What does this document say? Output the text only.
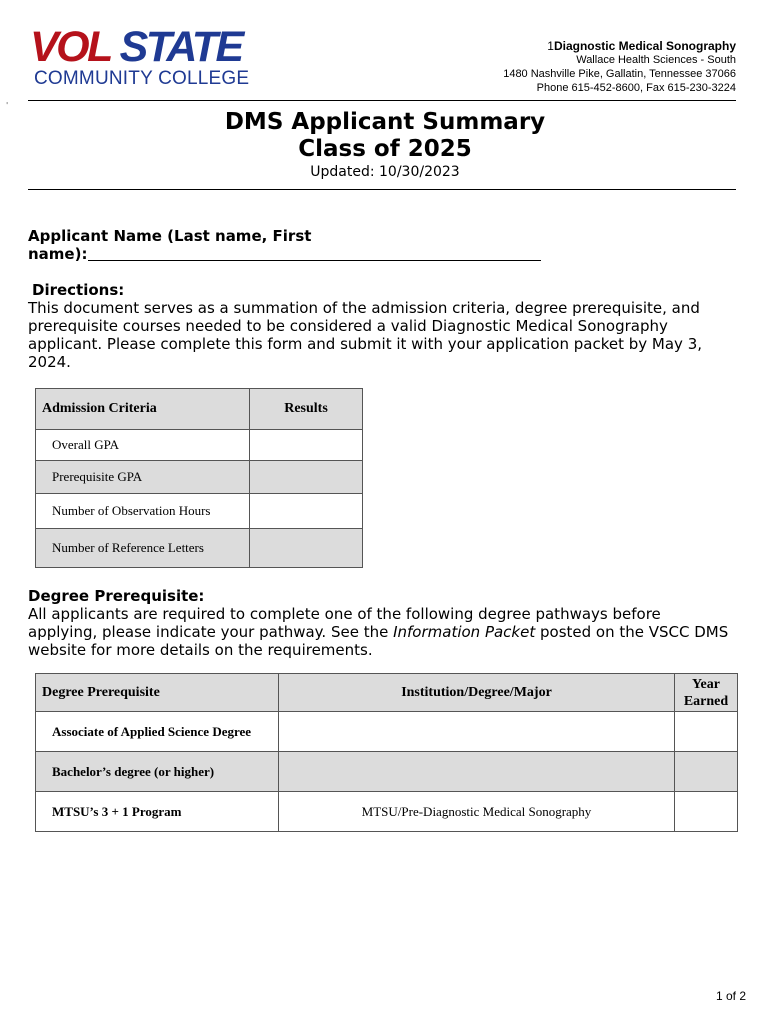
VOL STATE
COMMUNITY COLLEGE
1Diagnostic Medical Sonography
Wallace Health Sciences - South
1480 Nashville Pike, Gallatin, Tennessee 37066
Phone 615-452-8600, Fax 615-230-3224
'
DMS Applicant Summary
Class of 2025
Updated: 10/30/2023
Applicant Name (Last name, First
name):
Directions:
This document serves as a summation of the admission criteria, degree prerequisite, and
prerequisite courses needed to be considered a valid Diagnostic Medical Sonography
applicant. Please complete this form and submit it with your application packet by May 3,
2024.
Admission Criteria	Results
Overall GPA	
Prerequisite GPA	
Number of Observation Hours	
Number of Reference Letters	
Degree Prerequisite:
All applicants are required to complete one of the following degree pathways before
applying, please indicate your pathway. See the Information Packet posted on the VSCC DMS
website for more details on the requirements.
Degree Prerequisite	Institution/Degree/Major	Year
Earned

Associate of Applied Science Degree		
Bachelor’s degree (or higher)		
MTSU’s 3 + 1 Program	MTSU/Pre-Diagnostic Medical Sonography	
1 of 2
